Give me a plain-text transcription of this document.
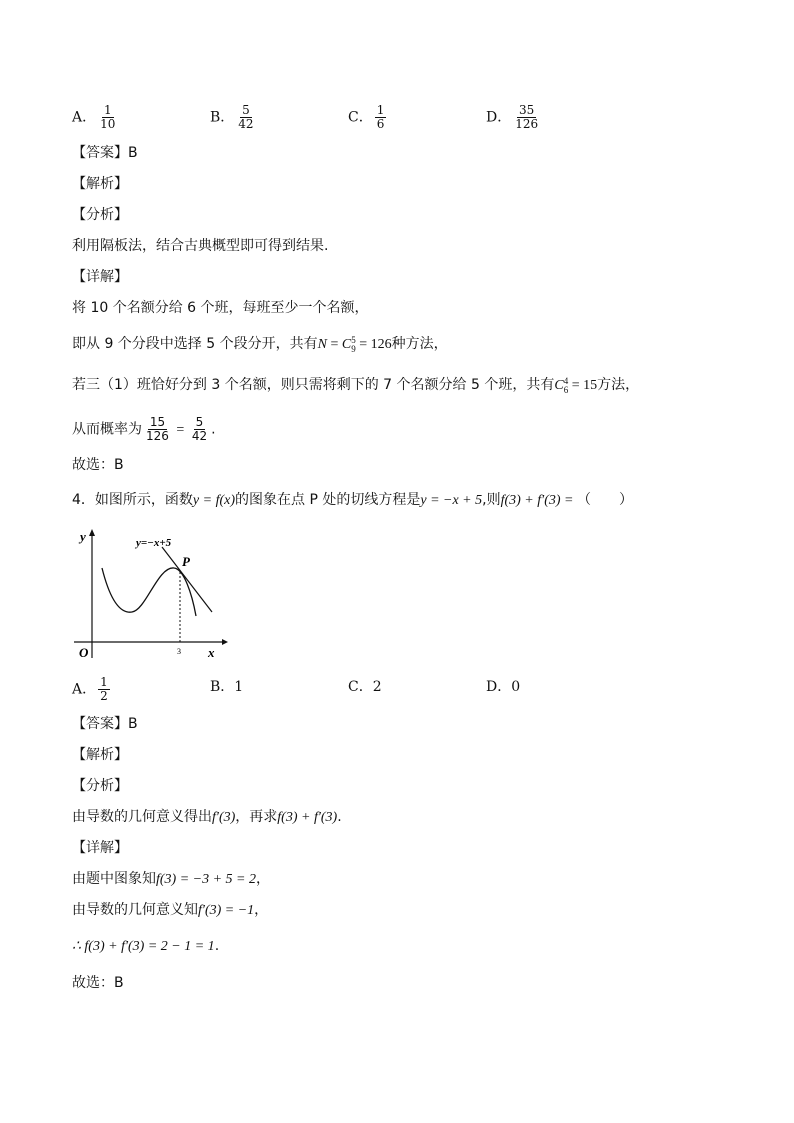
A． $\frac{1}{10}$	B． $\frac{5}{42}$	C． $\frac{1}{6}$	D． $\frac{35}{126}$
【答案】B
【解析】
【分析】
利用隔板法，结合古典概型即可得到结果.
【详解】
将 10 个名额分给 6 个班，每班至少一个名额，
即从 9 个分段中选择 5 个段分开，共有N = C 5
9 = 126种方法，
若三（1）班恰好分到 3 个名额，则只需将剩下的 7 个名额分给 5 个班，共有C 4
6 = 15方法，
从而概率为 $\frac{15}{126} = \frac{5}{42}$ .
故选：B
4．如图所示，函数y = f(x)的图象在点 P 处的切线方程是y = −x + 5,则f(3) + f′(3) = （　　）
y
x
O	3
P
y=−x+5
A． $\frac{1}{2}$	B．1	C．2	D．0
【答案】B
【解析】
【分析】
由导数的几何意义得出f′(3)，再求f(3) + f′(3).
【详解】
由题中图象知f(3) = −3 + 5 = 2，
由导数的几何意义知f′(3) = −1，
∴ f(3) + f′(3) = 2 − 1 = 1.
故选：B
